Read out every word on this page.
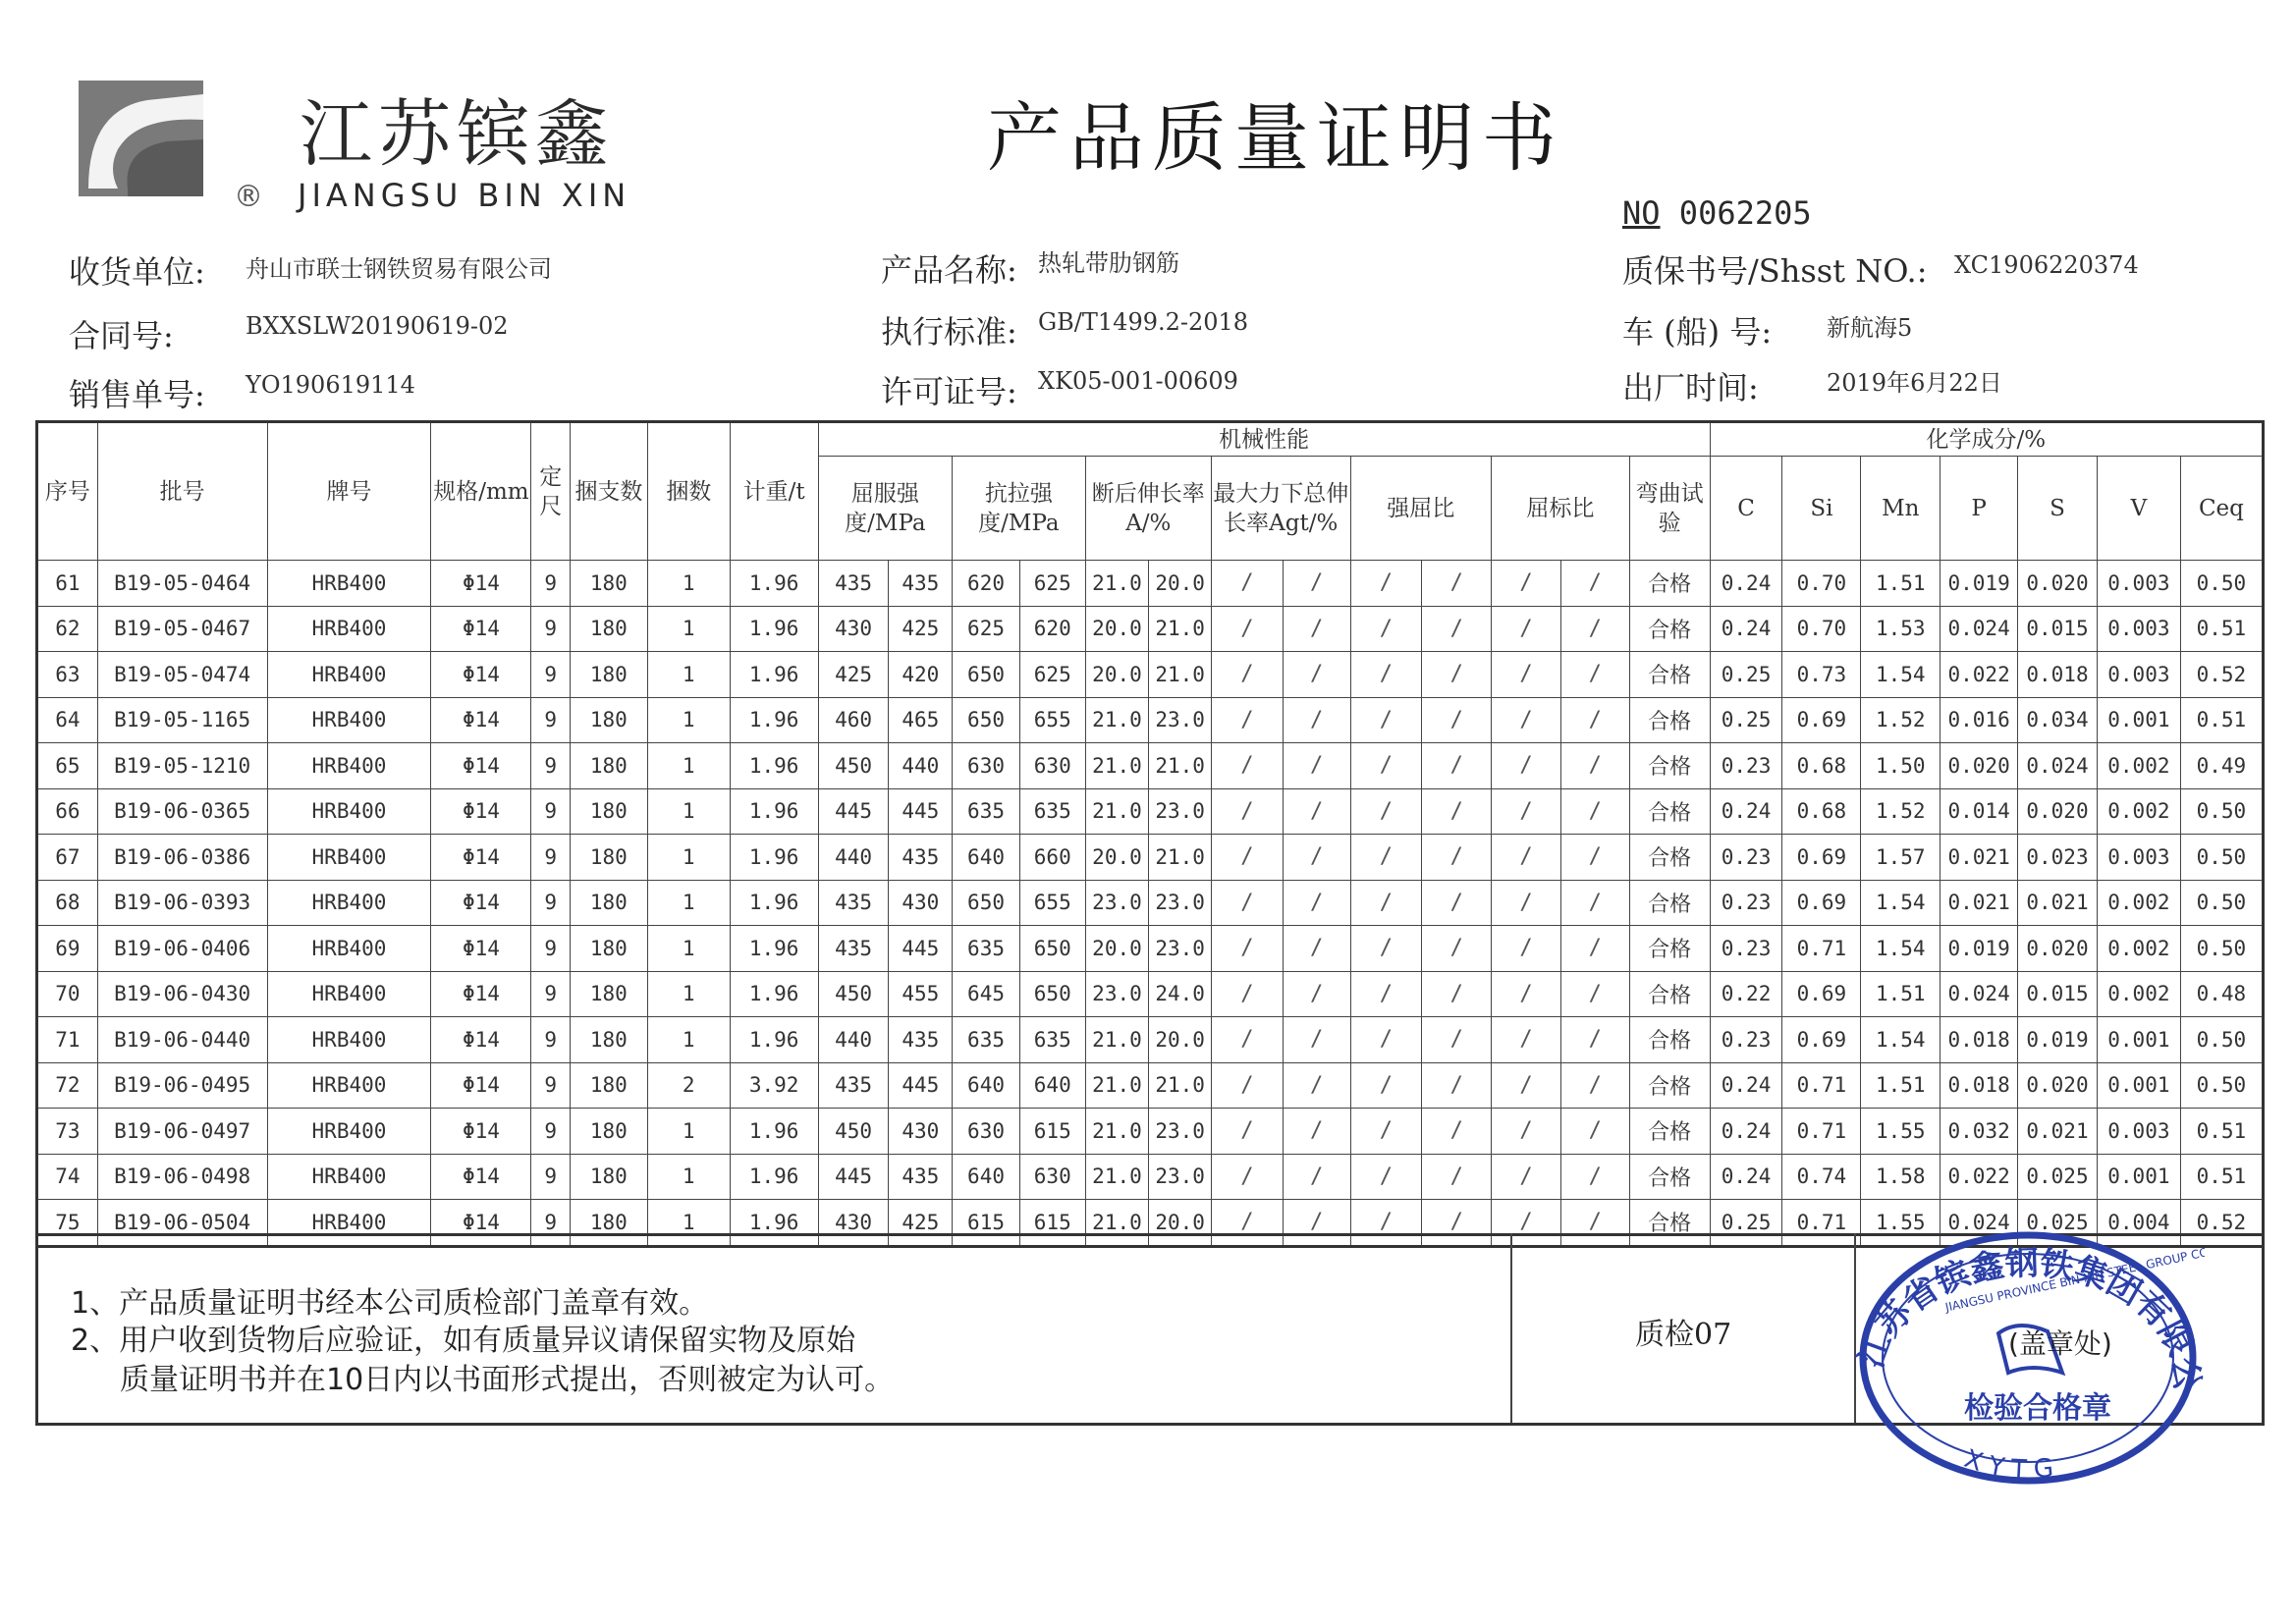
江苏镔鑫
® JIANGSU BIN XIN
产品质量证明书
NO 0062205
收货单位: 舟山市联士钢铁贸易有限公司
合同号:	BXXSLW20190619-02
销售单号: YO190619114
产品名称: 热轧带肋钢筋
执行标准: GB/T1499.2-2018
许可证号: XK05-001-00609
质保书号/Shsst NO.: XC1906220374
车 (船) 号: 新航海5
出厂时间:	2019年6月22日
序号	批号	牌号	规格/mm	定尺	捆支数	捆数	计重/t	机械性能													化学成分/%						
								屈服强度/MPa		抗拉强度/MPa		断后伸长率A/%		最大力下总伸长率Agt/%		强屈比		屈标比		弯曲试验	C	Si	Mn	P	S	V	Ceq
61	B19-05-0464	HRB400	Φ14	9	180	1	1.96	435	435	620	625	21.0	20.0	/	/	/	/	/	/	合格	0.24	0.70	1.51	0.019	0.020	0.003	0.50
62	B19-05-0467	HRB400	Φ14	9	180	1	1.96	430	425	625	620	20.0	21.0	/	/	/	/	/	/	合格	0.24	0.70	1.53	0.024	0.015	0.003	0.51
63	B19-05-0474	HRB400	Φ14	9	180	1	1.96	425	420	650	625	20.0	21.0	/	/	/	/	/	/	合格	0.25	0.73	1.54	0.022	0.018	0.003	0.52
64	B19-05-1165	HRB400	Φ14	9	180	1	1.96	460	465	650	655	21.0	23.0	/	/	/	/	/	/	合格	0.25	0.69	1.52	0.016	0.034	0.001	0.51
65	B19-05-1210	HRB400	Φ14	9	180	1	1.96	450	440	630	630	21.0	21.0	/	/	/	/	/	/	合格	0.23	0.68	1.50	0.020	0.024	0.002	0.49
66	B19-06-0365	HRB400	Φ14	9	180	1	1.96	445	445	635	635	21.0	23.0	/	/	/	/	/	/	合格	0.24	0.68	1.52	0.014	0.020	0.002	0.50
67	B19-06-0386	HRB400	Φ14	9	180	1	1.96	440	435	640	660	20.0	21.0	/	/	/	/	/	/	合格	0.23	0.69	1.57	0.021	0.023	0.003	0.50
68	B19-06-0393	HRB400	Φ14	9	180	1	1.96	435	430	650	655	23.0	23.0	/	/	/	/	/	/	合格	0.23	0.69	1.54	0.021	0.021	0.002	0.50
69	B19-06-0406	HRB400	Φ14	9	180	1	1.96	435	445	635	650	20.0	23.0	/	/	/	/	/	/	合格	0.23	0.71	1.54	0.019	0.020	0.002	0.50
70	B19-06-0430	HRB400	Φ14	9	180	1	1.96	450	455	645	650	23.0	24.0	/	/	/	/	/	/	合格	0.22	0.69	1.51	0.024	0.015	0.002	0.48
71	B19-06-0440	HRB400	Φ14	9	180	1	1.96	440	435	635	635	21.0	20.0	/	/	/	/	/	/	合格	0.23	0.69	1.54	0.018	0.019	0.001	0.50
72	B19-06-0495	HRB400	Φ14	9	180	2	3.92	435	445	640	640	21.0	21.0	/	/	/	/	/	/	合格	0.24	0.71	1.51	0.018	0.020	0.001	0.50
73	B19-06-0497	HRB400	Φ14	9	180	1	1.96	450	430	630	615	21.0	23.0	/	/	/	/	/	/	合格	0.24	0.71	1.55	0.032	0.021	0.003	0.51
74	B19-06-0498	HRB400	Φ14	9	180	1	1.96	445	435	640	630	21.0	23.0	/	/	/	/	/	/	合格	0.24	0.74	1.58	0.022	0.025	0.001	0.51
75	B19-06-0504	HRB400	Φ14	9	180	1	1.96	430	425	615	615	21.0	20.0	/	/	/	/	/	/	合格	0.25	0.71	1.55	0.024	0.025	0.004	0.52
1、产品质量证明书经本公司质检部门盖章有效。
2、用户收到货物后应验证，如有质量异议请保留实物及原始
质量证明书并在10日内以书面形式提出，否则被定为认可。
质检07	江苏省镔鑫钢铁集团有限公
JIANGSU PROVINCE BIN XIN STEEL GROUP CO.,
检验合格章
X Y T G
(盖章处)
